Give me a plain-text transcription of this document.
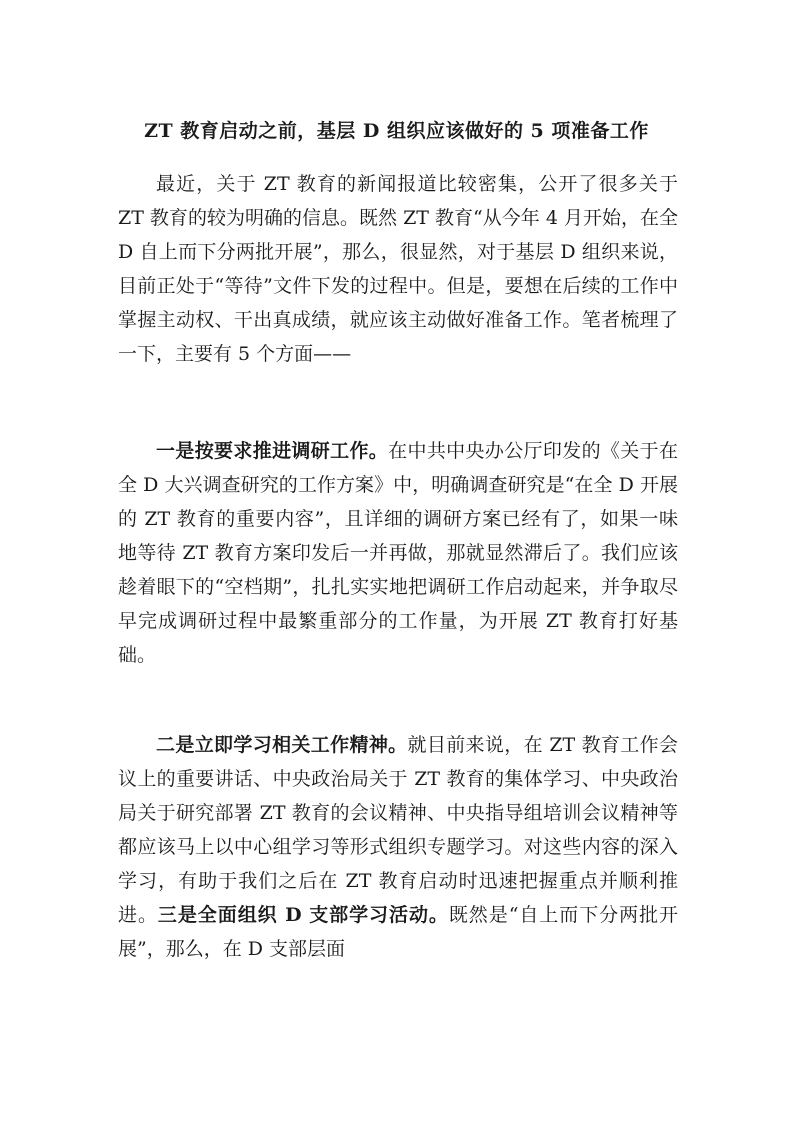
ZT 教育启动之前，基层 D 组织应该做好的 5 项准备工作

最近，关于 ZT 教育的新闻报道比较密集，公开了很多关于 ZT 教育的较为明确的信息。既然 ZT 教育“从今年 4 月开始，在全 D 自上而下分两批开展”，那么，很显然，对于基层 D 组织来说，目前正处于“等待”文件下发的过程中。但是，要想在后续的工作中掌握主动权、干出真成绩，就应该主动做好准备工作。笔者梳理了一下，主要有 5 个方面——

一是按要求推进调研工作。在中共中央办公厅印发的《关于在全 D 大兴调查研究的工作方案》中，明确调查研究是“在全 D 开展的 ZT 教育的重要内容”，且详细的调研方案已经有了，如果一味地等待 ZT 教育方案印发后一并再做，那就显然滞后了。我们应该趁着眼下的“空档期”，扎扎实实地把调研工作启动起来，并争取尽早完成调研过程中最繁重部分的工作量，为开展 ZT 教育打好基础。

二是立即学习相关工作精神。就目前来说，在 ZT 教育工作会议上的重要讲话、中央政治局关于 ZT 教育的集体学习、中央政治局关于研究部署 ZT 教育的会议精神、中央指导组培训会议精神等都应该马上以中心组学习等形式组织专题学习。对这些内容的深入学习，有助于我们之后在 ZT 教育启动时迅速把握重点并顺利推进。三是全面组织 D 支部学习活动。既然是“自上而下分两批开展”，那么，在 D 支部层面
